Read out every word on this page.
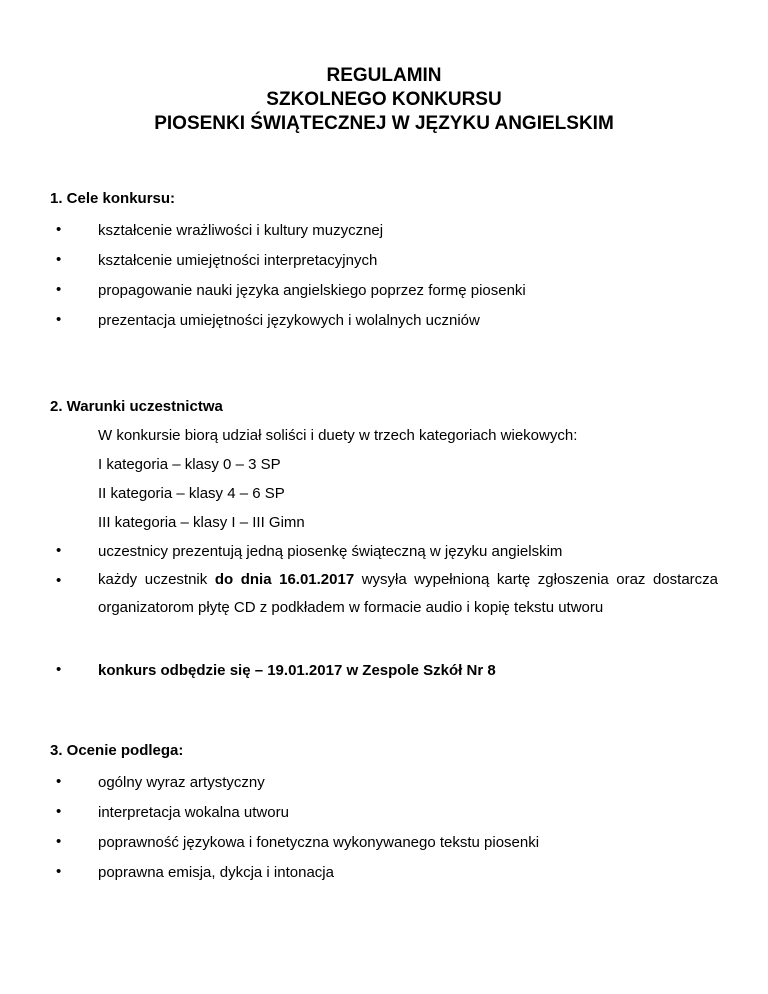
REGULAMIN
SZKOLNEGO KONKURSU
PIOSENKI ŚWIĄTECZNEJ W JĘZYKU ANGIELSKIM
1. Cele konkursu:
• kształcenie wrażliwości i kultury muzycznej
• kształcenie umiejętności interpretacyjnych
• propagowanie nauki języka angielskiego poprzez formę piosenki
• prezentacja umiejętności językowych i wolalnych uczniów
2. Warunki uczestnictwa
W konkursie biorą udział soliści i duety w trzech kategoriach wiekowych:
I kategoria – klasy 0 – 3 SP
II kategoria – klasy 4 – 6 SP
III kategoria – klasy I – III Gimn
• uczestnicy prezentują jedną piosenkę świąteczną w języku angielskim
• każdy uczestnik do dnia 16.01.2017 wysyła wypełnioną kartę zgłoszenia oraz dostarcza organizatorom płytę CD z podkładem w formacie audio i kopię tekstu utworu
• konkurs odbędzie się – 19.01.2017 w Zespole Szkół Nr 8
3. Ocenie podlega:
• ogólny wyraz artystyczny
• interpretacja wokalna utworu
• poprawność językowa i fonetyczna wykonywanego tekstu piosenki
• poprawna emisja, dykcja i intonacja
